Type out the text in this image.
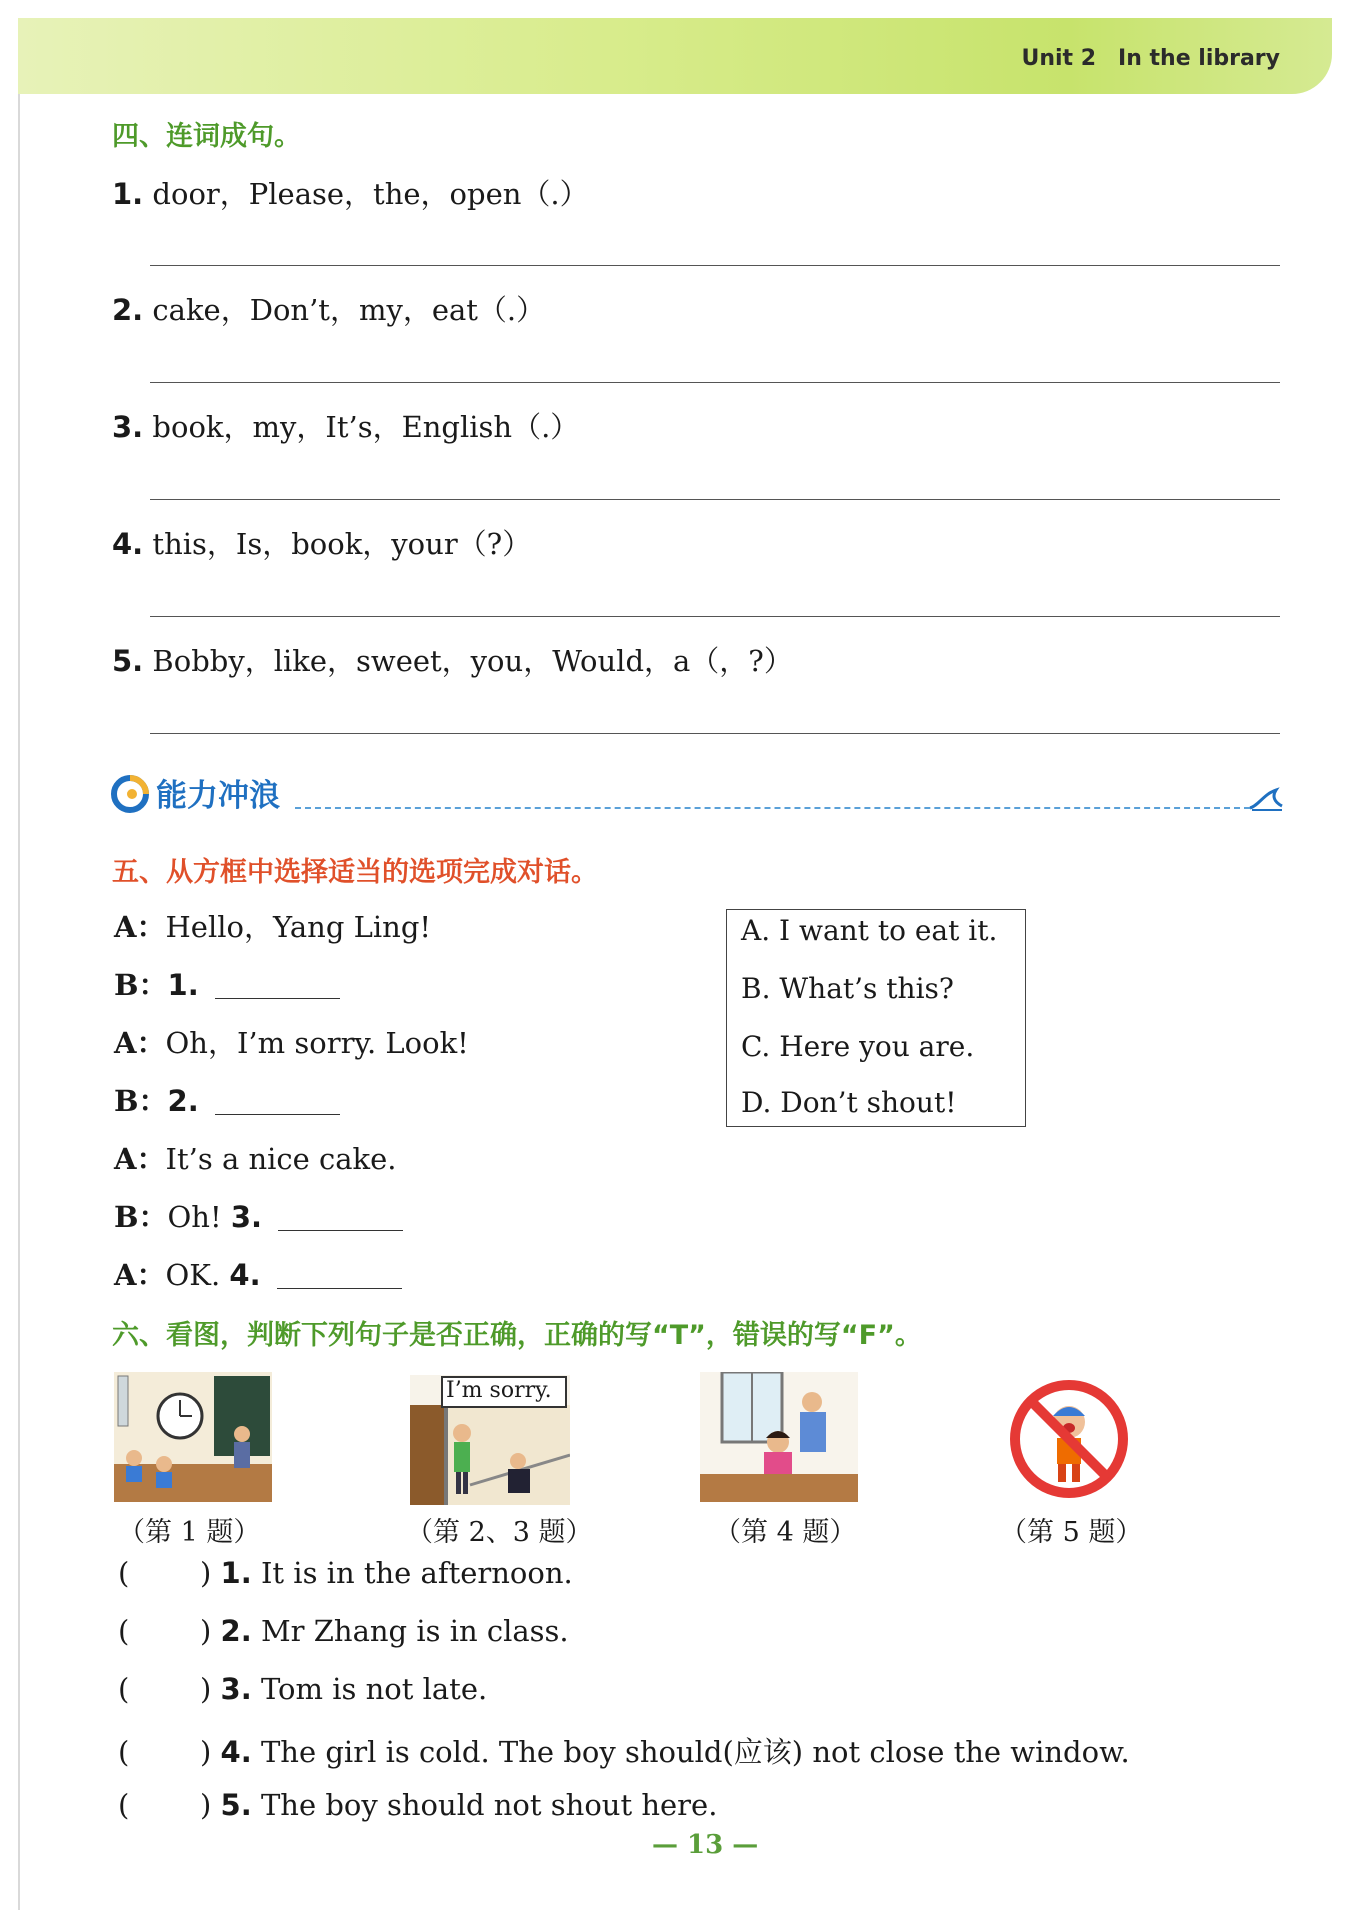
Unit 2 In the library
四、连词成句。
1. door，Please，the，open（.）
2. cake，Don’t，my，eat（.）
3. book，my，It’s，English（.）
4. this，Is，book，your（?）
5. Bobby，like，sweet，you，Would，a（，?）
能力冲浪
五、从方框中选择适当的选项完成对话。
A：Hello，Yang Ling!
B：1.
A：Oh，I’m sorry. Look!
B：2.
A：It’s a nice cake.
B：Oh! 3.
A：OK. 4.
A. I want to eat it.
B. What’s this?
C. Here you are.
D. Don’t shout!
六、看图，判断下列句子是否正确，正确的写“T”，错误的写“F”。
（第 1 题）
I’m sorry.
（第 2、3 题）	（第 4 题）	（第 5 题）
( ) 1. It is in the afternoon.
( ) 2. Mr Zhang is in class.
( ) 3. Tom is not late.
( ) 4. The girl is cold. The boy should(应该) not close the window.
( ) 5. The boy should not shout here.
— 13 —
